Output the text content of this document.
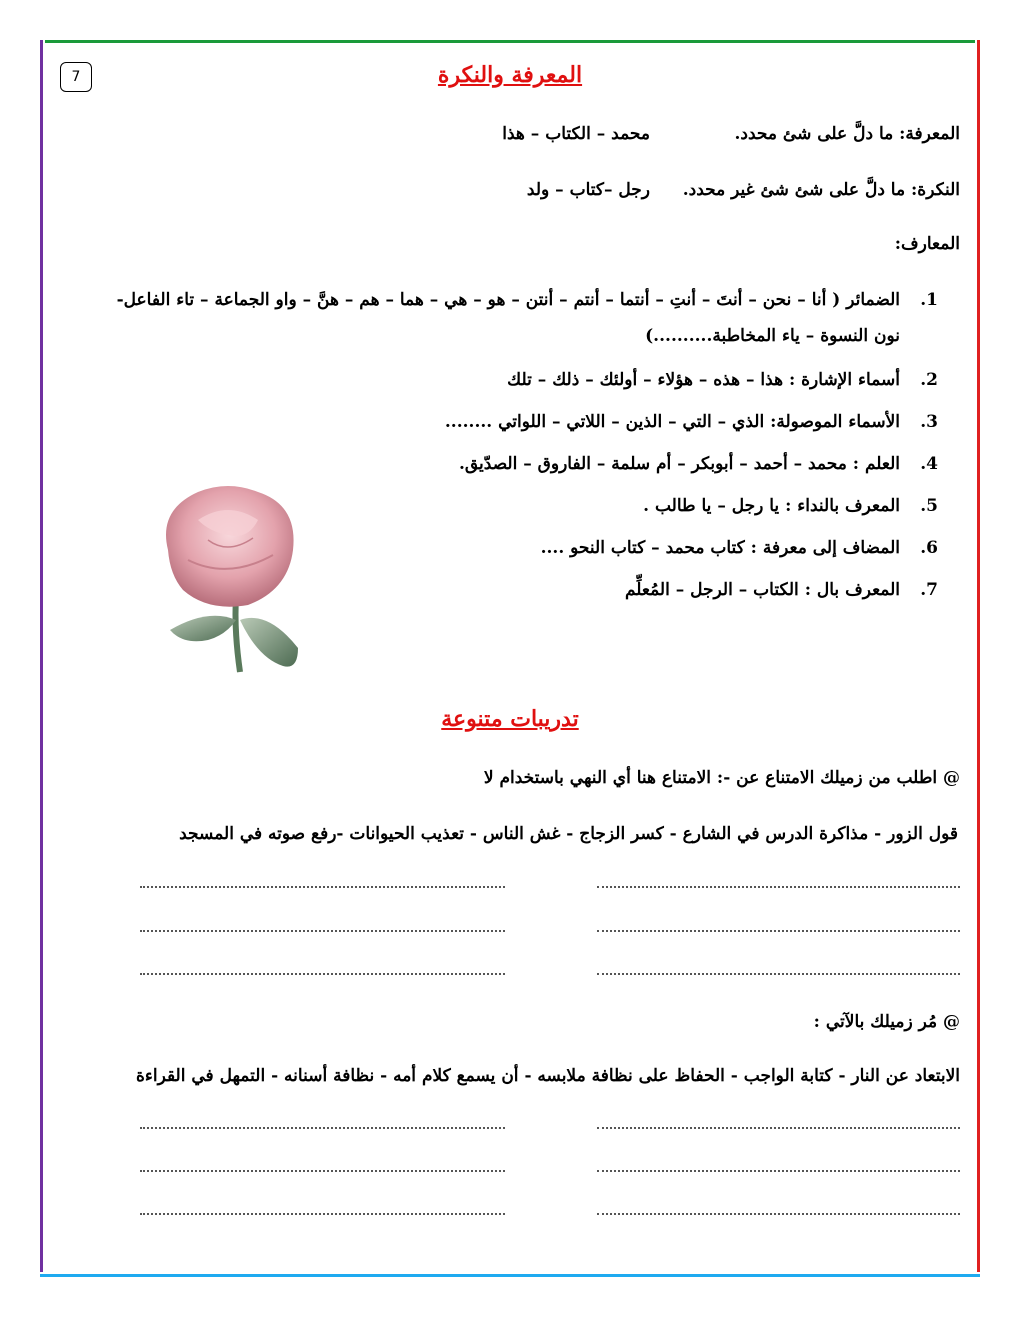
7	المعرفة والنكرة
المعرفة: ما دلَّ على شئ محدد.
محمد – الكتاب – هذا
النكرة: ما دلَّ على شئ شئ غير محدد.
رجل –كتاب – ولد
المعارف:
1.
الضمائر ( أنا – نحن – أنتَ – أنتِ – أنتما – أنتم – أنتن – هو – هي – هما – هم – هنَّ – واو الجماعة – تاء الفاعل- نون النسوة – ياء المخاطبة..........)
2.
أسماء الإشارة : هذا – هذه – هؤلاء – أولئك – ذلك – تلك
3.
الأسماء الموصولة: الذي – التي – الذين – اللاتي – اللواتي ........
4.
العلم : محمد – أحمد – أبوبكر – أم سلمة – الفاروق – الصدّيق.
5.
المعرف بالنداء : يا رجل – يا طالب .
6.
المضاف إلى معرفة : كتاب محمد – كتاب النحو ....
7.
المعرف بال : الكتاب – الرجل – المُعلِّم
تدريبات متنوعة
@ اطلب من زميلك الامتناع عن -: الامتناع هنا أي النهي باستخدام لا
قول الزور - مذاكرة الدرس في الشارع - كسر الزجاج - غش الناس - تعذيب الحيوانات -رفع صوته في المسجد
@ مُر زميلك بالآتي :
الابتعاد عن النار - كتابة الواجب - الحفاظ على نظافة ملابسه - أن يسمع كلام أمه - نظافة أسنانه - التمهل في القراءة
